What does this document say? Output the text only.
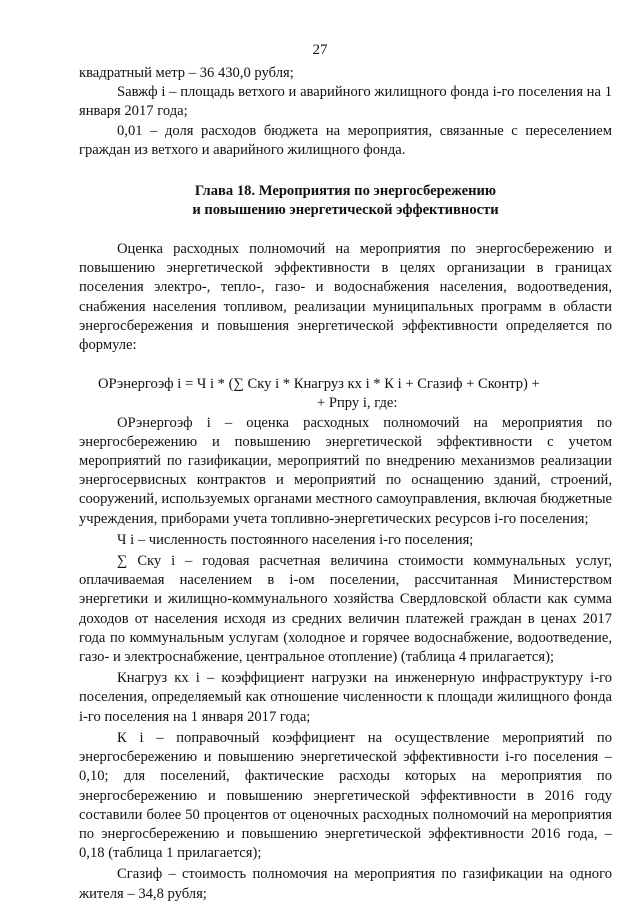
27

квадратный метр – 36 430,0 рубля;

Sавжф i – площадь ветхого и аварийного жилищного фонда i-го поселения на 1 января 2017 года;

0,01 – доля расходов бюджета на мероприятия, связанные с переселением граждан из ветхого и аварийного жилищного фонда.

Глава 18. Мероприятия по энергосбережению
и повышению энергетической эффективности

Оценка расходных полномочий на мероприятия по энергосбережению и повышению энергетической эффективности в целях организации в границах поселения электро-, тепло-, газо- и водоснабжения населения, водоотведения, снабжения населения топливом, реализации муниципальных программ в области энергосбережения и повышения энергетической эффективности определяется по формуле:

ОРэнергоэф i = Ч i * (∑ Cку i * Кнагруз кх i * К i + Сгазиф + Сконтр) +
+ Рпру i, где:

ОРэнергоэф i – оценка расходных полномочий на мероприятия по энергосбережению и повышению энергетической эффективности с учетом мероприятий по газификации, мероприятий по внедрению механизмов реализации энергосервисных контрактов и мероприятий по оснащению зданий, строений, сооружений, используемых органами местного самоуправления, включая бюджетные учреждения, приборами учета топливно-энергетических ресурсов i-го поселения;

Ч i – численность постоянного населения i-го поселения;

∑ Cку i – годовая расчетная величина стоимости коммунальных услуг, оплачиваемая населением в i-ом поселении, рассчитанная Министерством энергетики и жилищно-коммунального хозяйства Свердловской области как сумма доходов от населения исходя из средних величин платежей граждан в ценах 2017 года по коммунальным услугам (холодное и горячее водоснабжение, водоотведение, газо- и электроснабжение, центральное отопление) (таблица 4 прилагается);

Кнагруз кх i – коэффициент нагрузки на инженерную инфраструктуру i-го поселения, определяемый как отношение численности к площади жилищного фонда i-го поселения на 1 января 2017 года;

К i – поправочный коэффициент на осуществление мероприятий по энергосбережению и повышению энергетической эффективности i-го поселения – 0,10; для поселений, фактические расходы которых на мероприятия по энергосбережению и повышению энергетической эффективности в 2016 году составили более 50 процентов от оценочных расходных полномочий на мероприятия по энергосбережению и повышению энергетической эффективности 2016 года, – 0,18 (таблица 1 прилагается);

Сгазиф – стоимость полномочия на мероприятия по газификации на одного жителя – 34,8 рубля;
